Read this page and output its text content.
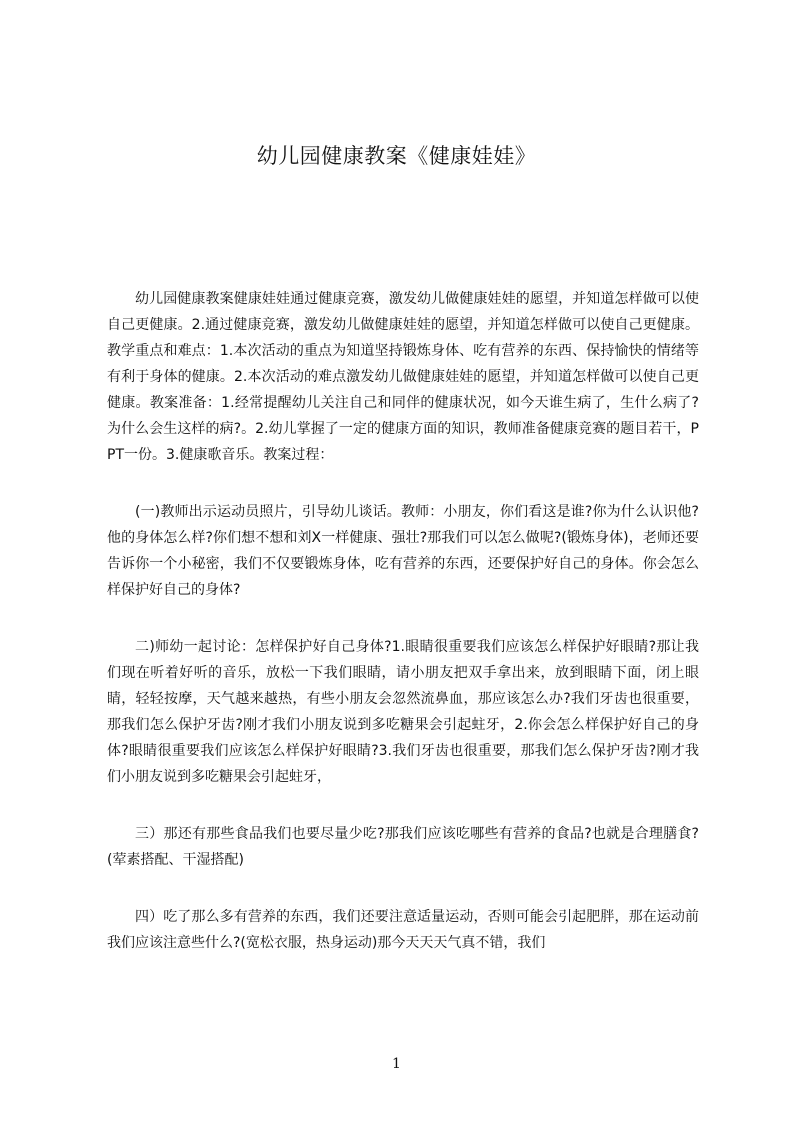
幼儿园健康教案《健康娃娃》

幼儿园健康教案健康娃娃通过健康竞赛，激发幼儿做健康娃娃的愿望，并知道怎样做可以使自己更健康。2.通过健康竞赛，激发幼儿做健康娃娃的愿望，并知道怎样做可以使自己更健康。教学重点和难点：1.本次活动的重点为知道坚持锻炼身体、吃有营养的东西、保持愉快的情绪等有利于身体的健康。2.本次活动的难点激发幼儿做健康娃娃的愿望，并知道怎样做可以使自己更健康。教案准备：1.经常提醒幼儿关注自己和同伴的健康状况，如今天谁生病了，生什么病了?为什么会生这样的病?。2.幼儿掌握了一定的健康方面的知识，教师准备健康竞赛的题目若干，PPT一份。3.健康歌音乐。教案过程：

(一)教师出示运动员照片，引导幼儿谈话。教师：小朋友，你们看这是谁?你为什么认识他?他的身体怎么样?你们想不想和刘X一样健康、强壮?那我们可以怎么做呢?(锻炼身体)，老师还要告诉你一个小秘密，我们不仅要锻炼身体，吃有营养的东西，还要保护好自己的身体。你会怎么样保护好自己的身体?

二)师幼一起讨论：怎样保护好自己身体?1.眼睛很重要我们应该怎么样保护好眼睛?那让我们现在听着好听的音乐，放松一下我们眼睛，请小朋友把双手拿出来，放到眼睛下面，闭上眼睛，轻轻按摩，天气越来越热，有些小朋友会忽然流鼻血，那应该怎么办?我们牙齿也很重要，那我们怎么保护牙齿?刚才我们小朋友说到多吃糖果会引起蛀牙，2.你会怎么样保护好自己的身体?眼睛很重要我们应该怎么样保护好眼睛?3.我们牙齿也很重要，那我们怎么保护牙齿?刚才我们小朋友说到多吃糖果会引起蛀牙，

三）那还有那些食品我们也要尽量少吃?那我们应该吃哪些有营养的食品?也就是合理膳食?(荤素搭配、干湿搭配)

四）吃了那么多有营养的东西，我们还要注意适量运动，否则可能会引起肥胖，那在运动前我们应该注意些什么?(宽松衣服，热身运动)那今天天天气真不错，我们

1
